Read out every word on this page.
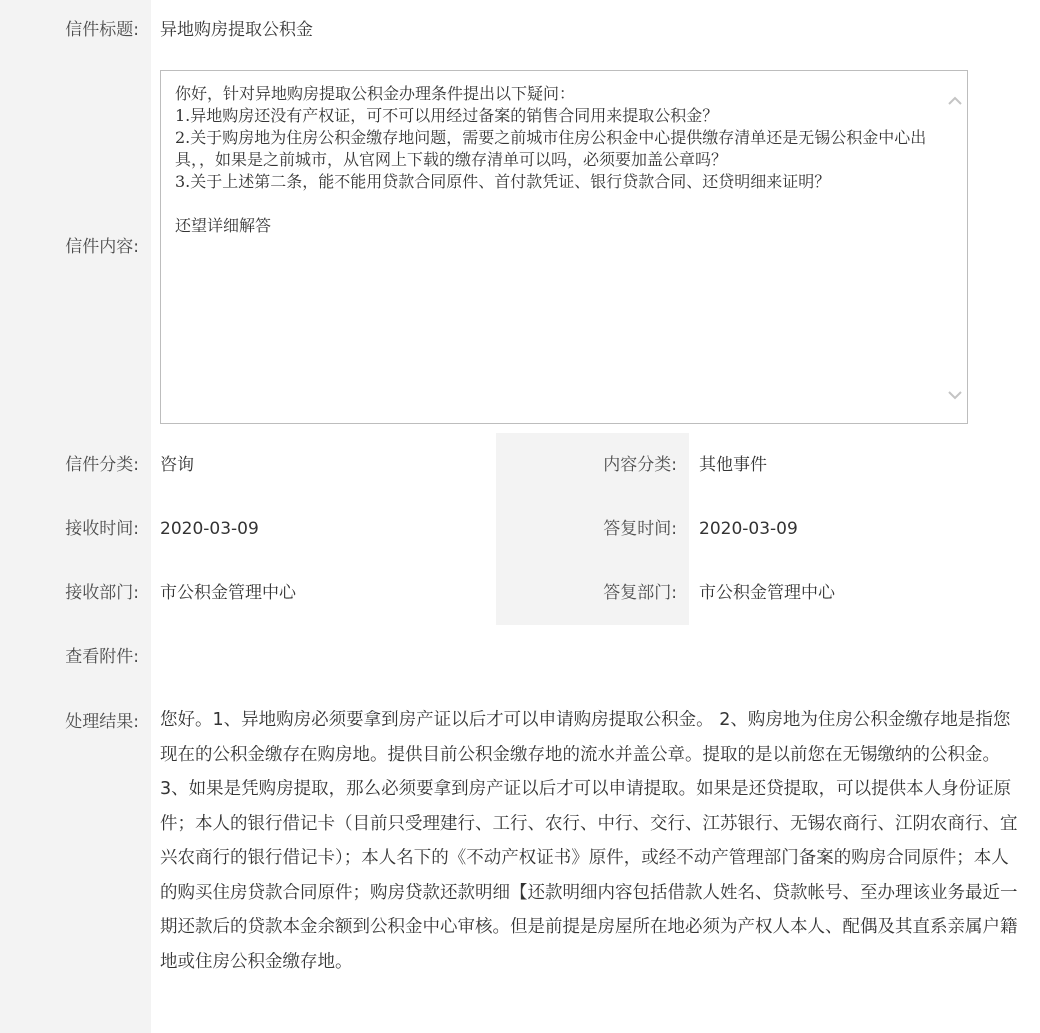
信件标题:	异地购房提取公积金
信件内容:
你好，针对异地购房提取公积金办理条件提出以下疑问：
1.异地购房还没有产权证，可不可以用经过备案的销售合同用来提取公积金？
2.关于购房地为住房公积金缴存地问题，需要之前城市住房公积金中心提供缴存清单还是无锡公积金中心出具，，如果是之前城市，从官网上下载的缴存清单可以吗，必须要加盖公章吗？
3.关于上述第二条，能不能用贷款合同原件、首付款凭证、银行贷款合同、还贷明细来证明？

还望详细解答
信件分类:	咨询	内容分类:	其他事件
接收时间:	2020-03-09	答复时间:	2020-03-09
接收部门:	市公积金管理中心	答复部门:	市公积金管理中心
查看附件:
处理结果:	您好。1、异地购房必须要拿到房产证以后才可以申请购房提取公积金。 2、购房地为住房公积金缴存地是指您现在的公积金缴存在购房地。提供目前公积金缴存地的流水并盖公章。提取的是以前您在无锡缴纳的公积金。 3、如果是凭购房提取，那么必须要拿到房产证以后才可以申请提取。如果是还贷提取，可以提供本人身份证原件；本人的银行借记卡（目前只受理建行、工行、农行、中行、交行、江苏银行、无锡农商行、江阴农商行、宜兴农商行的银行借记卡）；本人名下的《不动产权证书》原件，或经不动产管理部门备案的购房合同原件；本人的购买住房贷款合同原件；购房贷款还款明细【还款明细内容包括借款人姓名、贷款帐号、至办理该业务最近一期还款后的贷款本金余额到公积金中心审核。但是前提是房屋所在地必须为产权人本人、配偶及其直系亲属户籍地或住房公积金缴存地。
